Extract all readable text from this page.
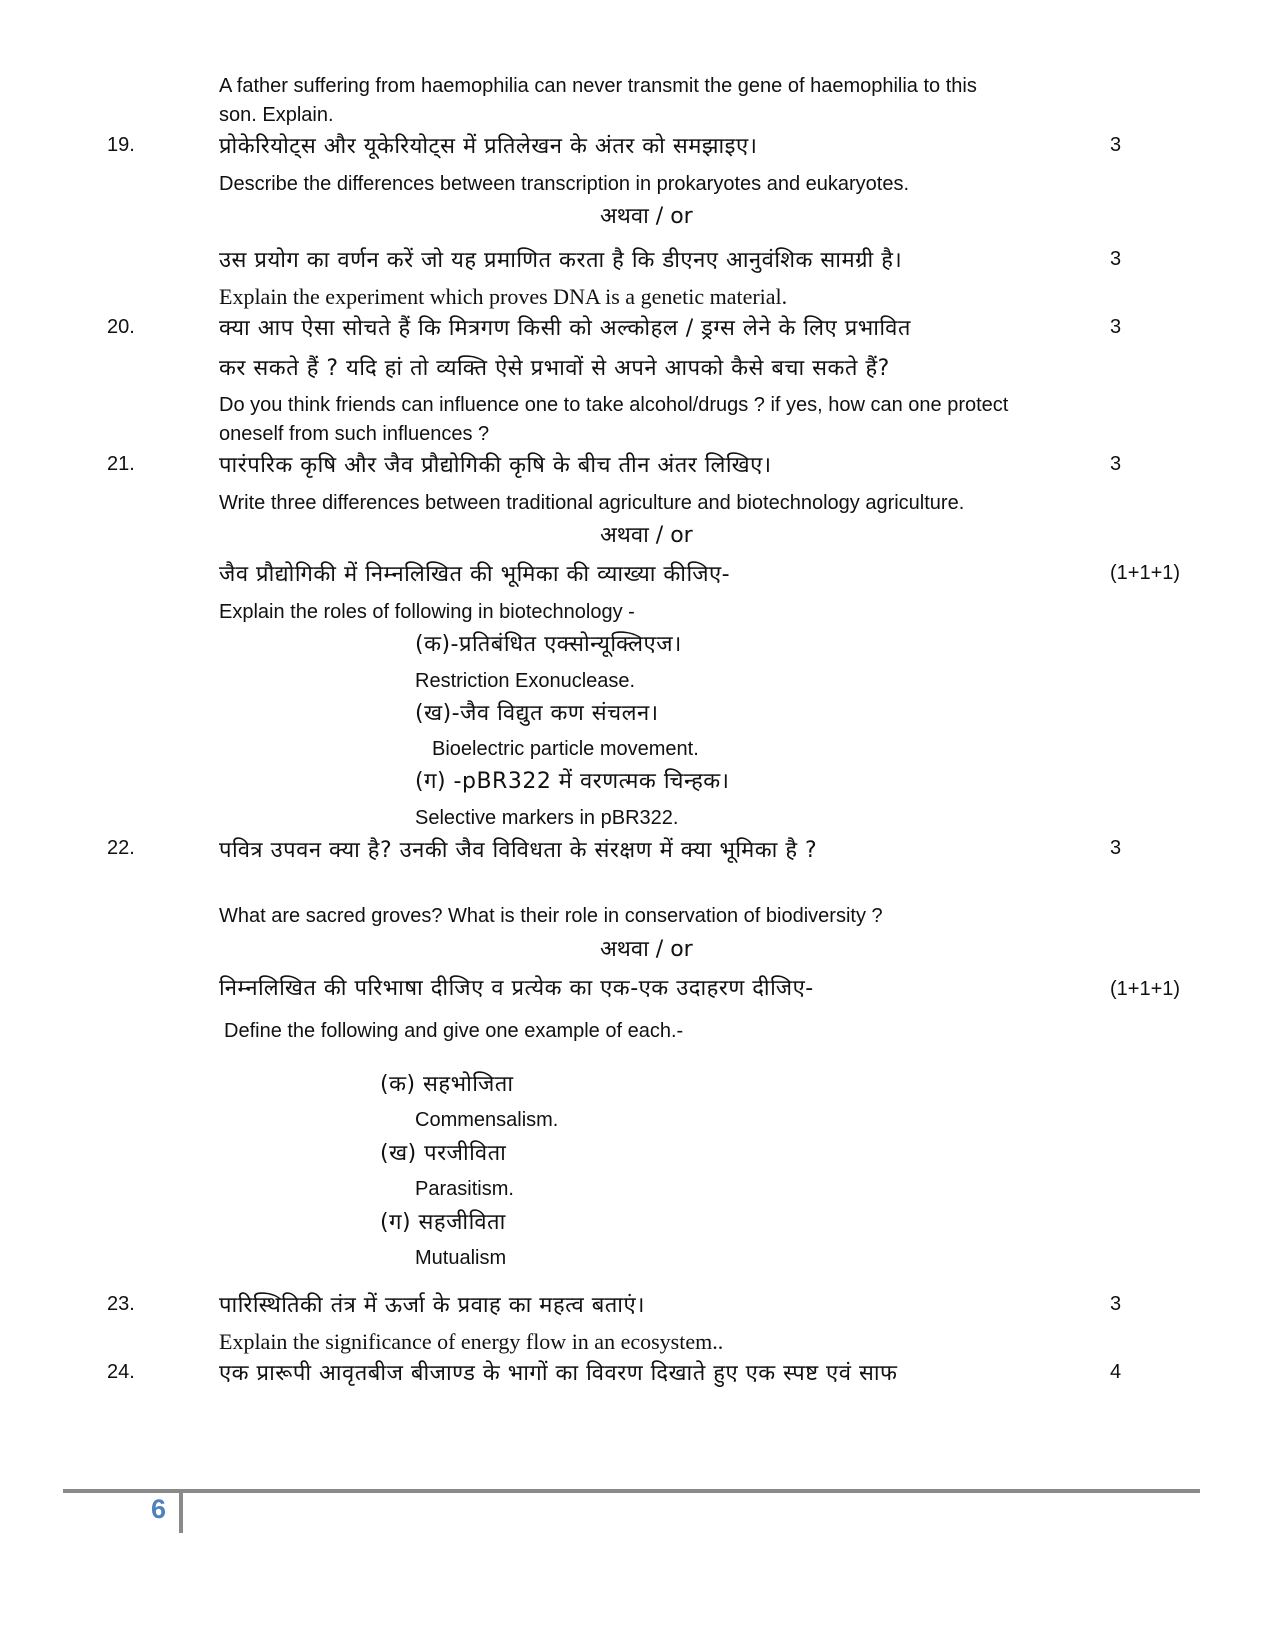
A father suffering from haemophilia can never transmit the gene of haemophilia to this
son. Explain.
19.	प्रोकेरियोट्स और यूकेरियोट्स में प्रतिलेखन के अंतर को समझाइए।	3
Describe the differences between transcription in prokaryotes and eukaryotes.
अथवा / or
उस प्रयोग का वर्णन करें जो यह प्रमाणित करता है कि डीएनए आनुवंशिक सामग्री है।	3
Explain the experiment which proves DNA is a genetic material.
20.	क्या आप ऐसा सोचते हैं कि मित्रगण किसी को अल्कोहल / ड्रग्स लेने के लिए प्रभावित	3
कर सकते हैं ? यदि हां तो व्यक्ति ऐसे प्रभावों से अपने आपको कैसे बचा सकते हैं?
Do you think friends can influence one to take alcohol/drugs ? if yes, how can one protect
oneself from such influences ?
21.	पारंपरिक कृषि और जैव प्रौद्योगिकी कृषि के बीच तीन अंतर लिखिए।	3
Write three differences between traditional agriculture and biotechnology agriculture.
अथवा / or
जैव प्रौद्योगिकी में निम्नलिखित की भूमिका की व्याख्या कीजिए-	(1+1+1)
Explain the roles of following in biotechnology -
(क)-प्रतिबंधित एक्सोन्यूक्लिएज।
Restriction Exonuclease.
(ख)-जैव विद्युत कण संचलन।
Bioelectric particle movement.
(ग) -pBR322 में वरणत्मक चिन्हक।
Selective markers in pBR322.
22.	पवित्र उपवन क्या है? उनकी जैव विविधता के संरक्षण में क्या भूमिका है ?	3
What are sacred groves? What is their role in conservation of biodiversity ?
अथवा / or
निम्नलिखित की परिभाषा दीजिए व प्रत्येक का एक-एक उदाहरण दीजिए-	(1+1+1)
Define the following and give one example of each.-
(क) सहभोजिता
Commensalism.
(ख) परजीविता
Parasitism.
(ग) सहजीविता
Mutualism
23.	पारिस्थितिकी तंत्र में ऊर्जा के प्रवाह का महत्व बताएं।	3
Explain the significance of energy flow in an ecosystem..
24.	एक प्रारूपी आवृतबीज बीजाण्ड के भागों का विवरण दिखाते हुए एक स्पष्ट एवं साफ	4
6
